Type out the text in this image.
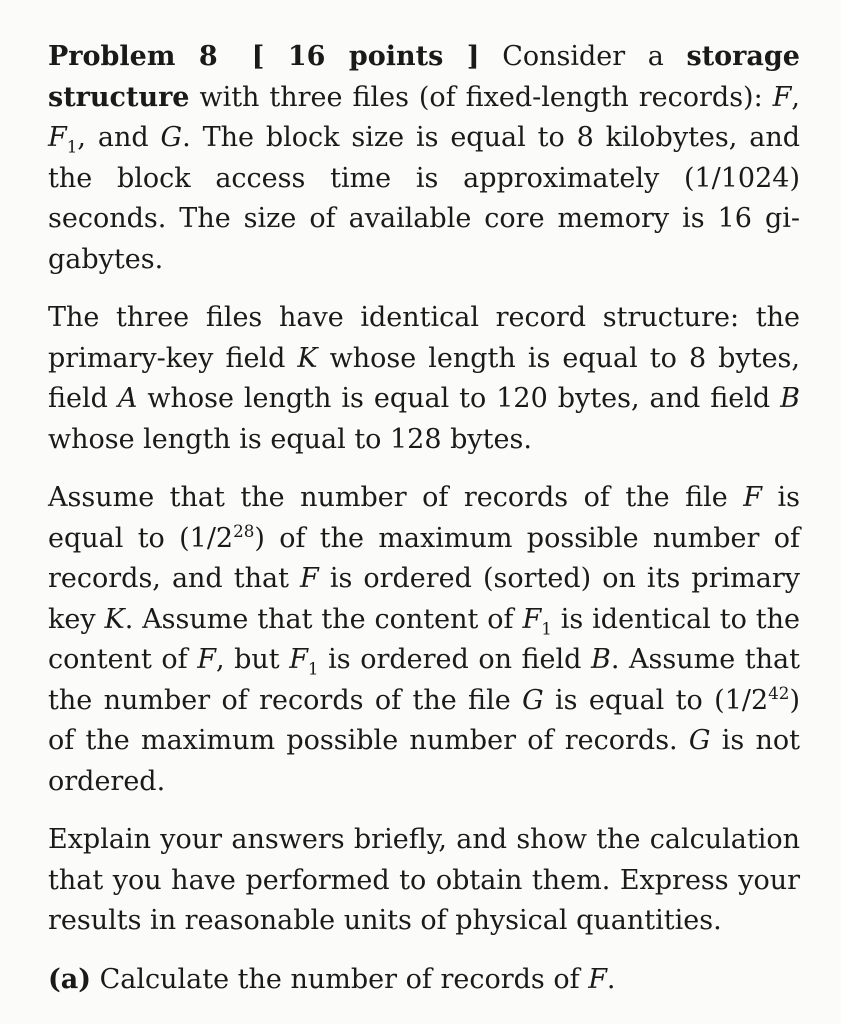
Problem 8 [ 16 points ] Consider a storage structure with three files (of fixed-length records): F, $F_1$, and G. The block size is equal to 8 kilobytes, and the block access time is approximately (1/1024) seconds. The size of available core memory is 16 gigabytes.

The three files have identical record structure: the primary-key field K whose length is equal to 8 bytes, field A whose length is equal to 120 bytes, and field B whose length is equal to 128 bytes.

Assume that the number of records of the file F is equal to $(1/2^{28})$ of the maximum possible number of records, and that F is ordered (sorted) on its primary key K. Assume that the content of $F_1$ is identical to the content of F, but $F_1$ is ordered on field B. Assume that the number of records of the file G is equal to $(1/2^{42})$ of the maximum possible number of records. G is not ordered.

Explain your answers briefly, and show the calculation that you have performed to obtain them. Express your results in reasonable units of physical quantities.

(a) Calculate the number of records of F.
